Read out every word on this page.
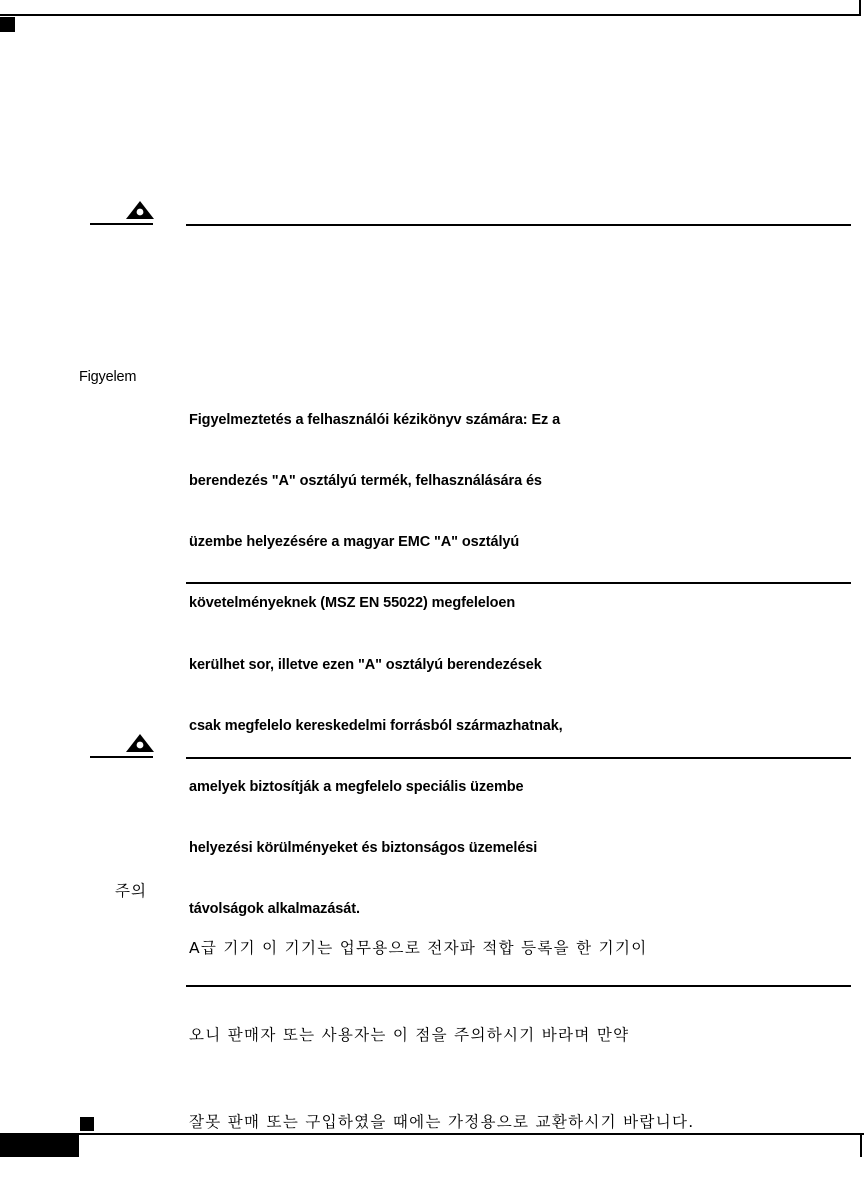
Figyelem

Figyelmeztetés a felhasználói kézikönyv számára: Ez a

berendezés "A" osztályú termék, felhasználására és

üzembe helyezésére a magyar EMC "A" osztályú

követelményeknek (MSZ EN 55022) megfeleloen

kerülhet sor, illetve ezen "A" osztályú berendezések

csak megfelelo kereskedelmi forrásból származhatnak,

amelyek biztosítják a megfelelo speciális üzembe

helyezési körülményeket és biztonságos üzemelési

távolságok alkalmazását.

주의

A급 기기 이 기기는 업무용으로 전자파 적합 등록을 한 기기이

오니 판매자 또는 사용자는 이 점을 주의하시기 바라며 만약

잘못 판매 또는 구입하였을 때에는 가정용으로 교환하시기 바랍니다.
